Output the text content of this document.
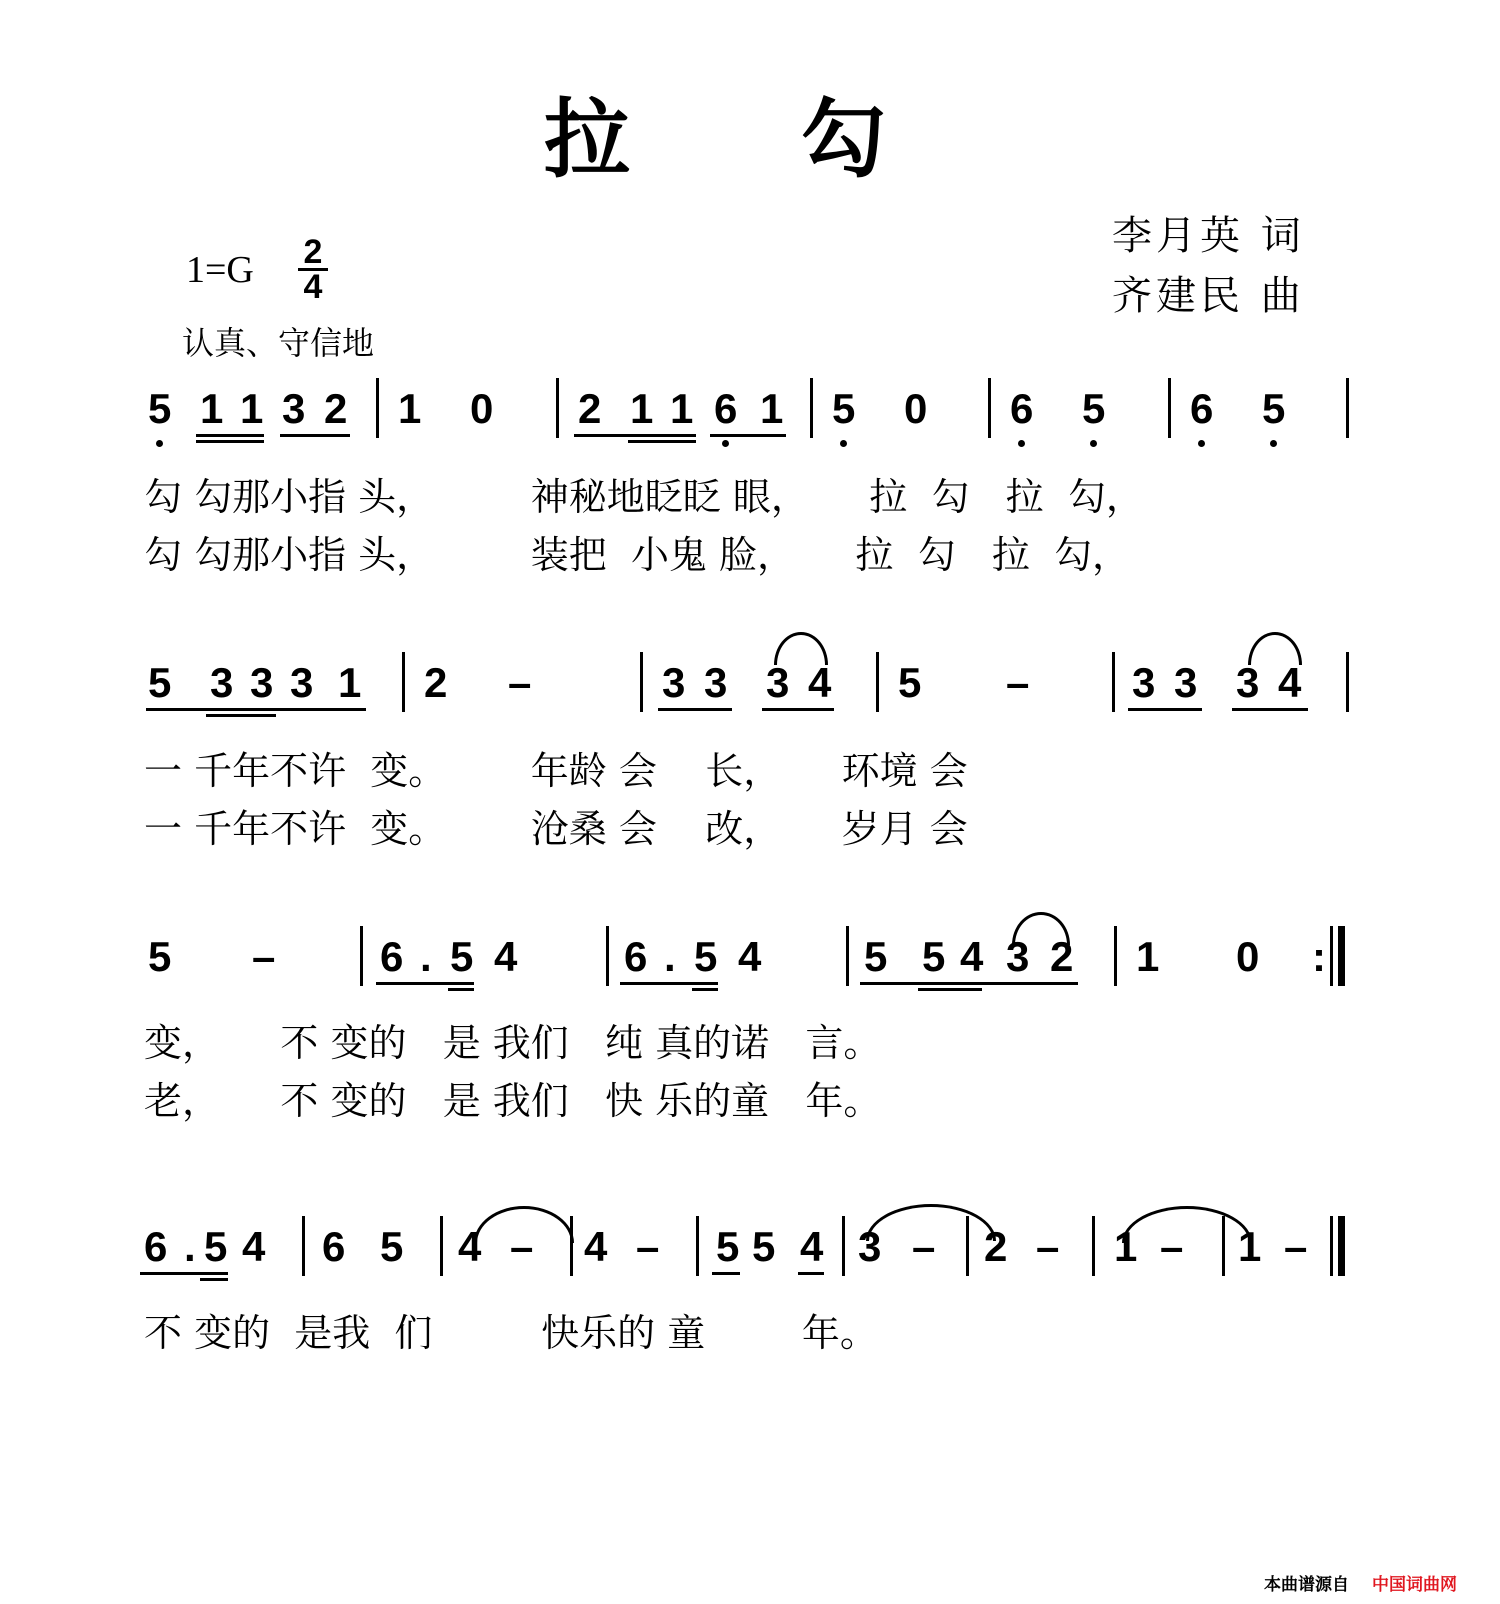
拉 勾
李月英 词
齐建民 曲
1=G 2
4
认真、守信地
5 1 1 3 2 1 0 2 1 1 6 1 5 0 6 5 6 5
勾 勾那小指 头，        神秘地眨眨 眼，     拉  勾   拉  勾，
勾 勾那小指 头，        装把  小鬼 脸，     拉  勾   拉  勾，
5 3 3 3 1 2 –	3 3 3 4 5 – 3 3 3 4
一 千年不许  变。       年龄 会    长，     环境 会
一 千年不许  变。       沧桑 会    改，     岁月 会
5 – 6 . 5 4	6 . 5 4 5 5 4 3 2 1 0 :
变，     不 变的   是 我们   纯 真的诺   言。
老，     不 变的   是 我们   快 乐的童   年。
6 . 5 4 6 5 4 – 4 – 5 5 4 3 – 2 – 1 – 1 –
不 变的  是我  们         快乐的 童        年。
本曲谱源自 中国词曲网
